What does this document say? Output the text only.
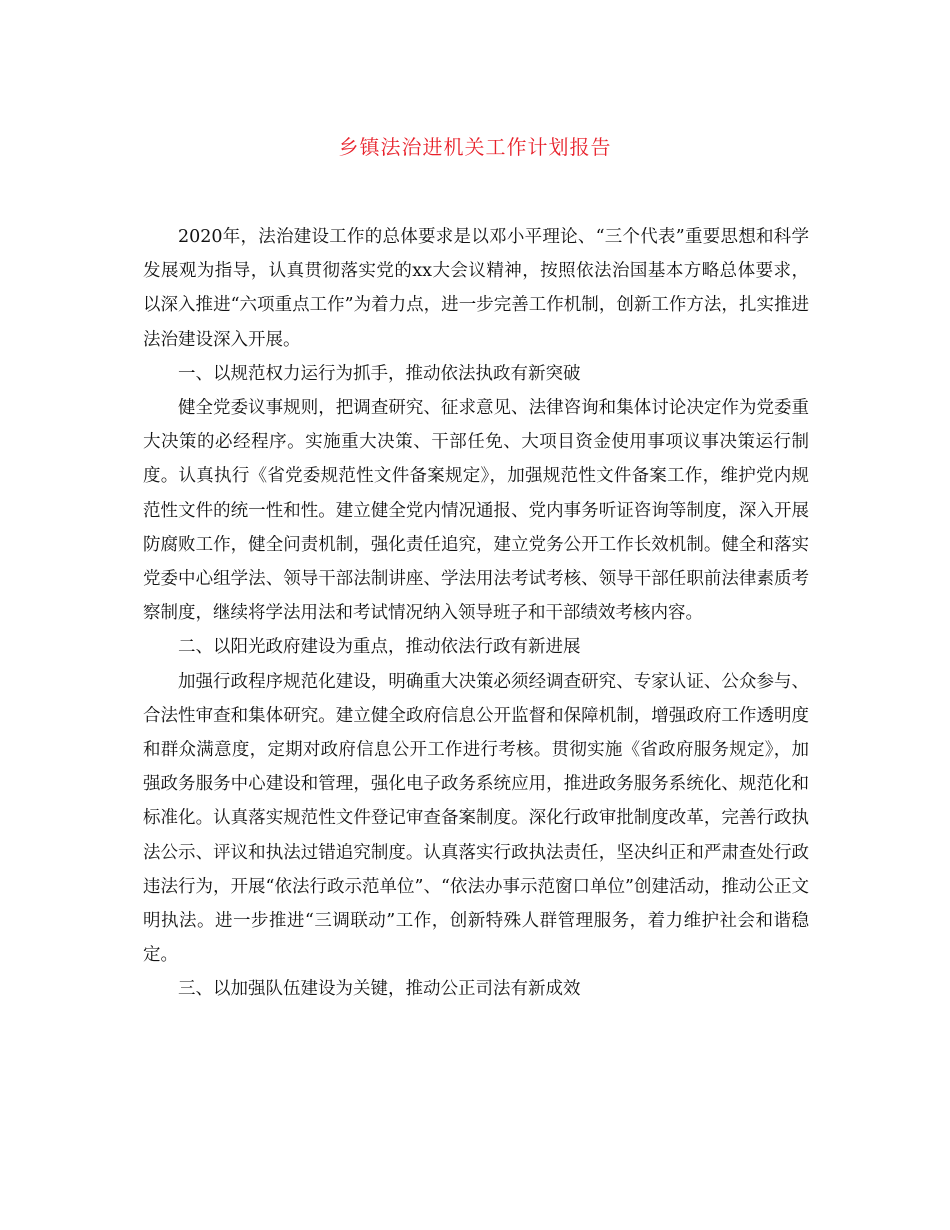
乡镇法治进机关工作计划报告

2020年，法治建设工作的总体要求是以邓小平理论、“三个代表”重要思想和科学发展观为指导，认真贯彻落实党的xx大会议精神，按照依法治国基本方略总体要求，以深入推进“六项重点工作”为着力点，进一步完善工作机制，创新工作方法，扎实推进法治建设深入开展。

一、以规范权力运行为抓手，推动依法执政有新突破

健全党委议事规则，把调查研究、征求意见、法律咨询和集体讨论决定作为党委重大决策的必经程序。实施重大决策、干部任免、大项目资金使用事项议事决策运行制度。认真执行《省党委规范性文件备案规定》，加强规范性文件备案工作，维护党内规范性文件的统一性和性。建立健全党内情况通报、党内事务听证咨询等制度，深入开展防腐败工作，健全问责机制，强化责任追究，建立党务公开工作长效机制。健全和落实党委中心组学法、领导干部法制讲座、学法用法考试考核、领导干部任职前法律素质考察制度，继续将学法用法和考试情况纳入领导班子和干部绩效考核内容。

二、以阳光政府建设为重点，推动依法行政有新进展

加强行政程序规范化建设，明确重大决策必须经调查研究、专家认证、公众参与、合法性审查和集体研究。建立健全政府信息公开监督和保障机制，增强政府工作透明度和群众满意度，定期对政府信息公开工作进行考核。贯彻实施《省政府服务规定》，加强政务服务中心建设和管理，强化电子政务系统应用，推进政务服务系统化、规范化和标准化。认真落实规范性文件登记审查备案制度。深化行政审批制度改革，完善行政执法公示、评议和执法过错追究制度。认真落实行政执法责任，坚决纠正和严肃查处行政违法行为，开展“依法行政示范单位”、“依法办事示范窗口单位”创建活动，推动公正文明执法。进一步推进“三调联动”工作，创新特殊人群管理服务，着力维护社会和谐稳定。

三、以加强队伍建设为关键，推动公正司法有新成效
